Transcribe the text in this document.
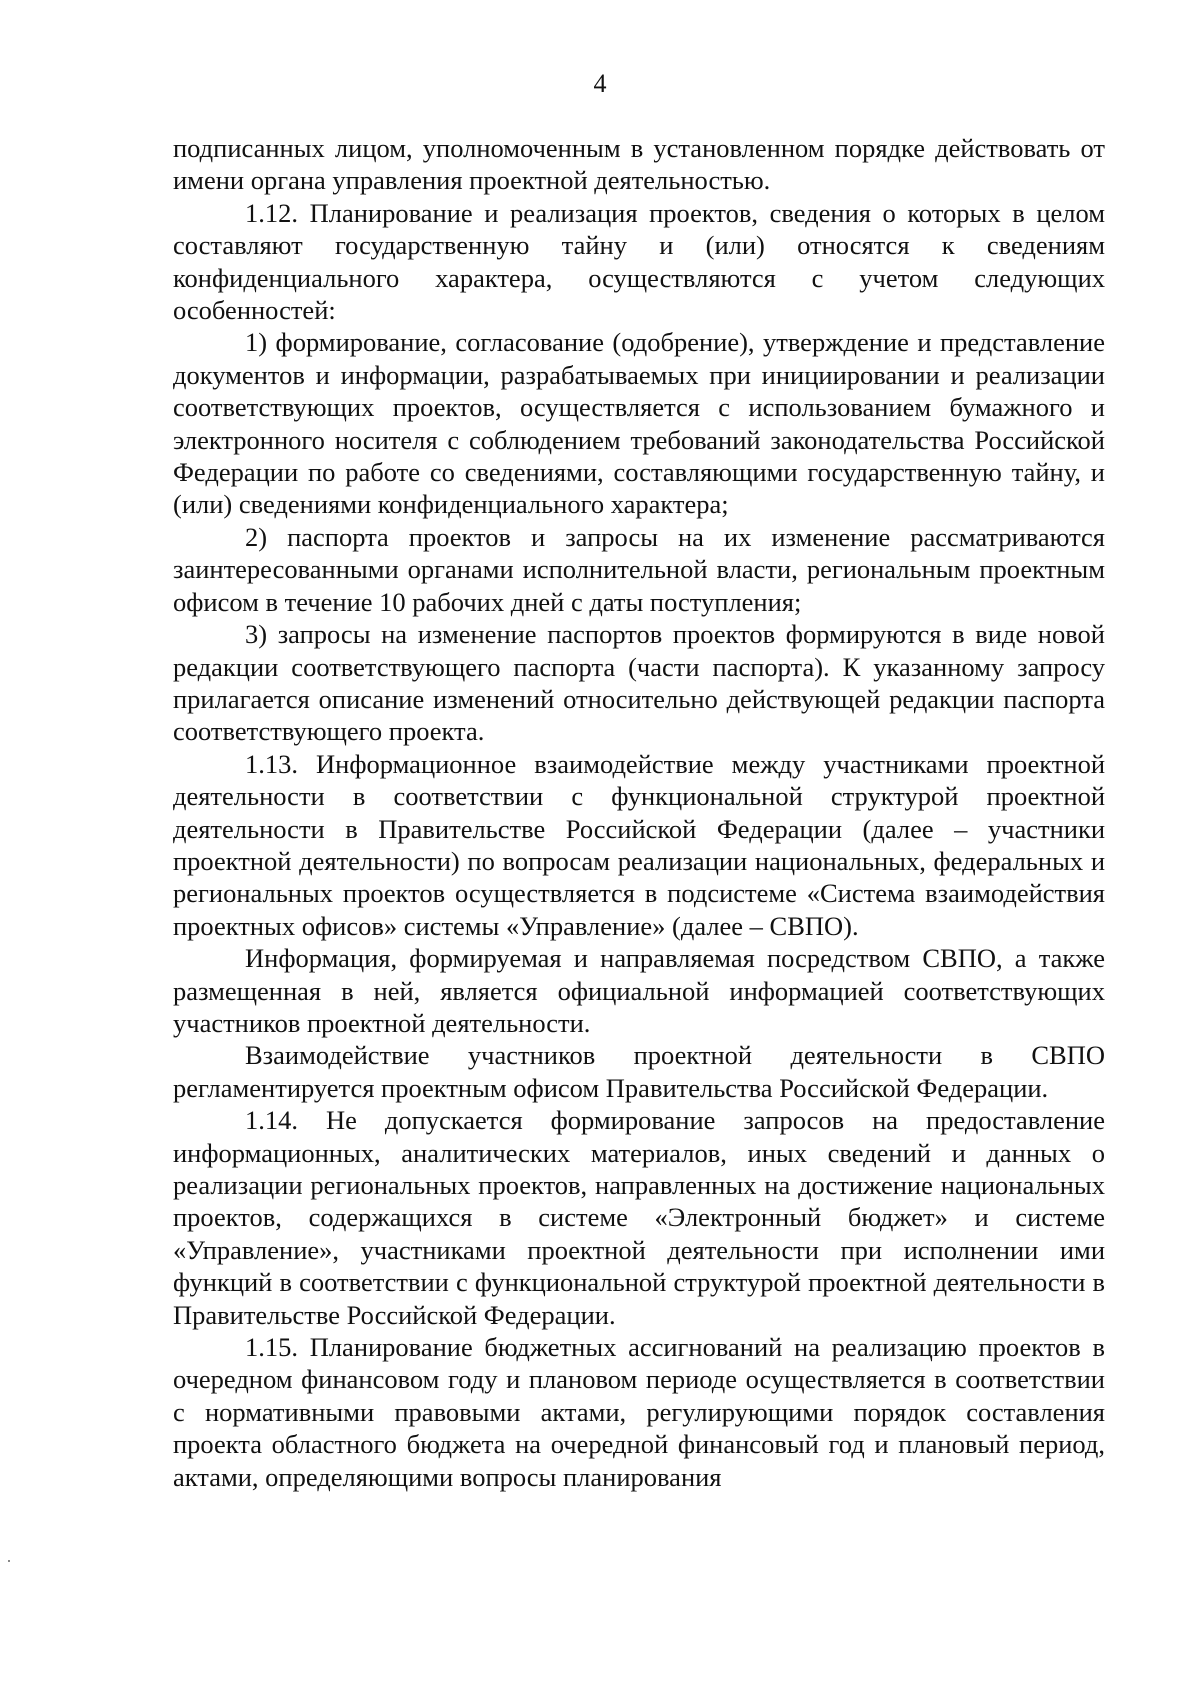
4

подписанных лицом, уполномоченным в установленном порядке действовать от имени органа управления проектной деятельностью.

1.12. Планирование и реализация проектов, сведения о которых в целом составляют государственную тайну и (или) относятся к сведениям конфиденциального характера, осуществляются с учетом следующих особенностей:

1) формирование, согласование (одобрение), утверждение и представление документов и информации, разрабатываемых при инициировании и реализации соответствующих проектов, осуществляется с использованием бумажного и электронного носителя с соблюдением требований законодательства Российской Федерации по работе со сведениями, составляющими государственную тайну, и (или) сведениями конфиденциального характера;

2) паспорта проектов и запросы на их изменение рассматриваются заинтересованными органами исполнительной власти, региональным проектным офисом в течение 10 рабочих дней с даты поступления;

3) запросы на изменение паспортов проектов формируются в виде новой редакции соответствующего паспорта (части паспорта). К указанному запросу прилагается описание изменений относительно действующей редакции паспорта соответствующего проекта.

1.13. Информационное взаимодействие между участниками проектной деятельности в соответствии с функциональной структурой проектной деятельности в Правительстве Российской Федерации (далее – участники проектной деятельности) по вопросам реализации национальных, федеральных и региональных проектов осуществляется в подсистеме «Система взаимодействия проектных офисов» системы «Управление» (далее – СВПО).

Информация, формируемая и направляемая посредством СВПО, а также размещенная в ней, является официальной информацией соответствующих участников проектной деятельности.

Взаимодействие участников проектной деятельности в СВПО регламентируется проектным офисом Правительства Российской Федерации.

1.14. Не допускается формирование запросов на предоставление информационных, аналитических материалов, иных сведений и данных о реализации региональных проектов, направленных на достижение национальных проектов, содержащихся в системе «Электронный бюджет» и системе «Управление», участниками проектной деятельности при исполнении ими функций в соответствии с функциональной структурой проектной деятельности в Правительстве Российской Федерации.

1.15. Планирование бюджетных ассигнований на реализацию проектов в очередном финансовом году и плановом периоде осуществляется в соответствии с нормативными правовыми актами, регулирующими порядок составления проекта областного бюджета на очередной финансовый год и плановый период, актами, определяющими вопросы планирования
